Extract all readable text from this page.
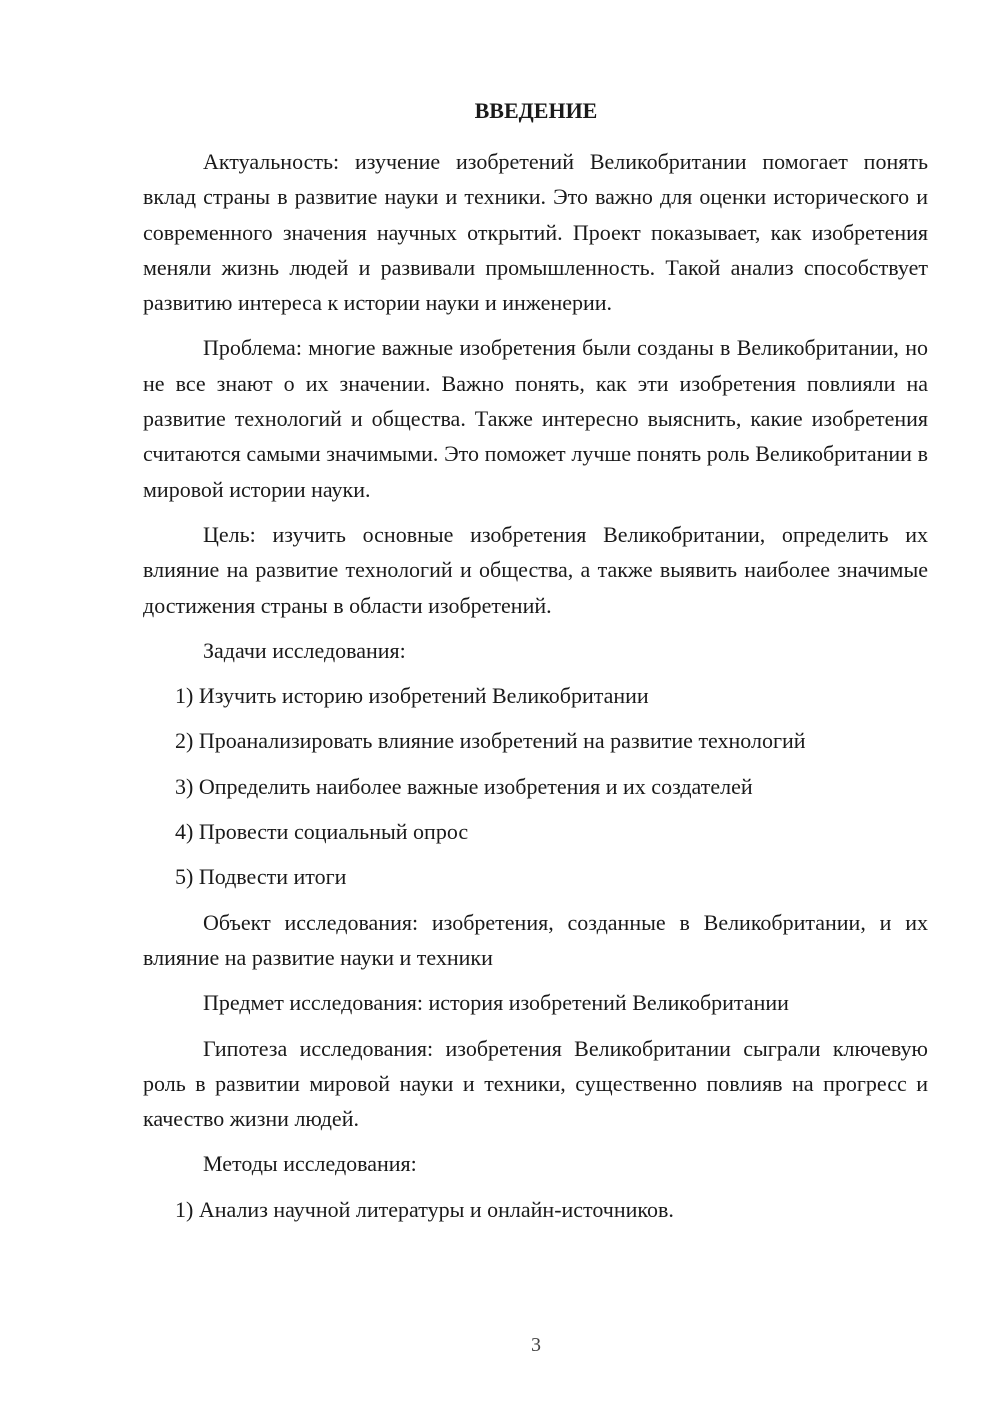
ВВЕДЕНИЕ

Актуальность: изучение изобретений Великобритании помогает понять вклад страны в развитие науки и техники. Это важно для оценки исторического и современного значения научных открытий. Проект показывает, как изобретения меняли жизнь людей и развивали промышленность. Такой анализ способствует развитию интереса к истории науки и инженерии.

Проблема: многие важные изобретения были созданы в Великобритании, но не все знают о их значении. Важно понять, как эти изобретения повлияли на развитие технологий и общества. Также интересно выяснить, какие изобретения считаются самыми значимыми. Это поможет лучше понять роль Великобритании в мировой истории науки.

Цель: изучить основные изобретения Великобритании, определить их влияние на развитие технологий и общества, а также выявить наиболее значимые достижения страны в области изобретений.

Задачи исследования:

1) Изучить историю изобретений Великобритании

2) Проанализировать влияние изобретений на развитие технологий

3) Определить наиболее важные изобретения и их создателей

4) Провести социальный опрос

5) Подвести итоги

Объект исследования: изобретения, созданные в Великобритании, и их влияние на развитие науки и техники

Предмет исследования: история изобретений Великобритании

Гипотеза исследования: изобретения Великобритании сыграли ключевую роль в развитии мировой науки и техники, существенно повлияв на прогресс и качество жизни людей.

Методы исследования:

1) Анализ научной литературы и онлайн-источников.

3
